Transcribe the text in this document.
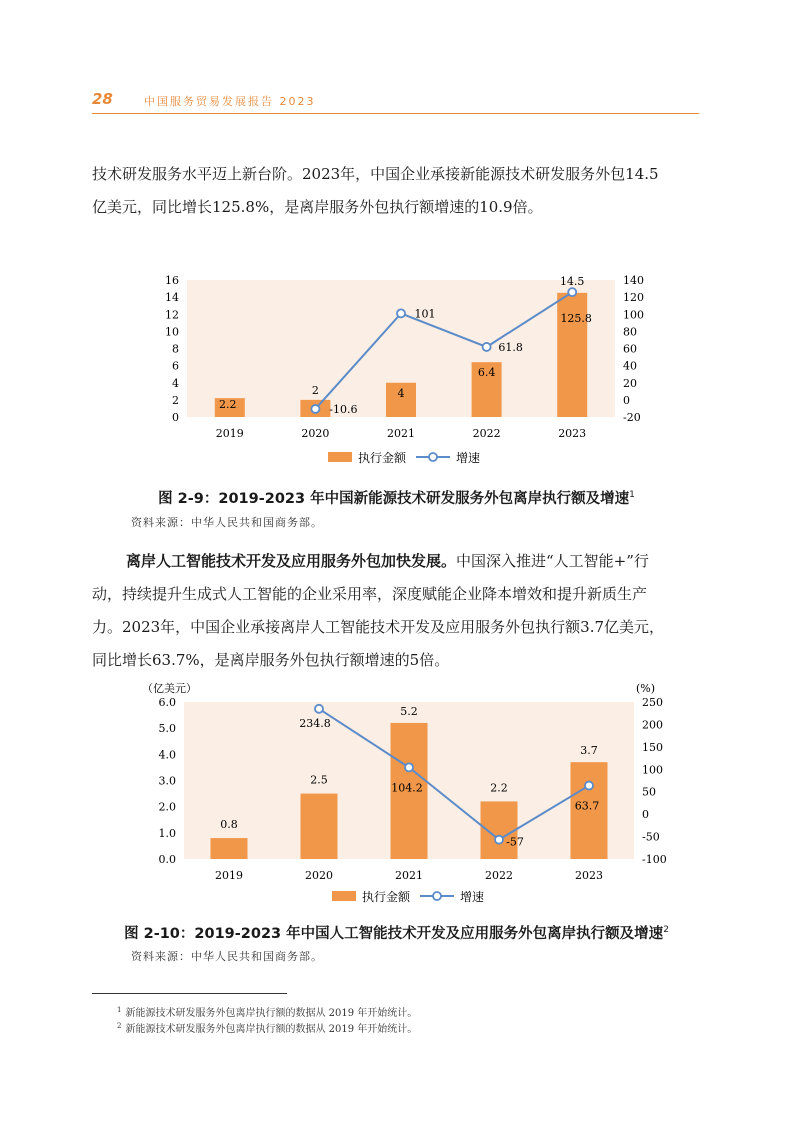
28	中国服务贸易发展报告 2023
技术研发服务水平迈上新台阶。2023年，中国企业承接新能源技术研发服务外包14.5
亿美元，同比增长125.8%，是离岸服务外包执行额增速的10.9倍。
0
2
4
6
8
10
12
14
16
-20
0
20
40
60
80
100
120
140
2019	2020	2021	2022	2023
2.2
2	4
6.4
14.5
-10.6
101
61.8
125.8
执行金额	增速
图 2-9：2019-2023 年中国新能源技术研发服务外包离岸执行额及增速$^1$
资料来源：中华人民共和国商务部。
离岸人工智能技术开发及应用服务外包加快发展。中国深入推进“人工智能+”行
动，持续提升生成式人工智能的企业采用率，深度赋能企业降本增效和提升新质生产
力。2023年，中国企业承接离岸人工智能技术开发及应用服务外包执行额3.7亿美元，
同比增长63.7%，是离岸服务外包执行额增速的5倍。
0.0
1.0
2.0
3.0
4.0
5.0
6.0
-100
-50
0
50
100
150
200
250
（亿美元）	(%)
2019	2020	2021	2022	2023
0.8
2.5
5.2
2.2
3.7
234.8
104.2
-57
63.7
执行金额	增速
图 2-10：2019-2023 年中国人工智能技术开发及应用服务外包离岸执行额及增速$^2$
资料来源：中华人民共和国商务部。
$^1$ 新能源技术研发服务外包离岸执行额的数据从 2019 年开始统计。
$^2$ 新能源技术研发服务外包离岸执行额的数据从 2019 年开始统计。
